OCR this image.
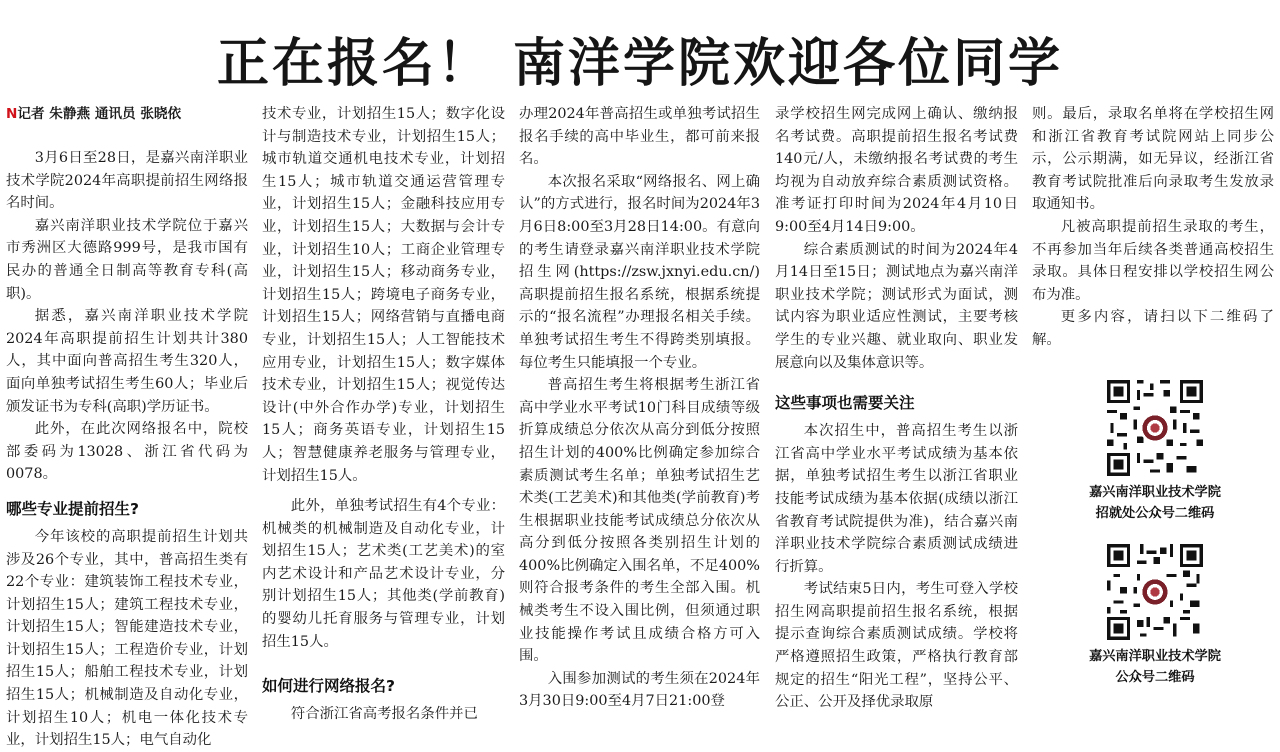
正在报名！ 南洋学院欢迎各位同学
N记者 朱静燕 通讯员 张晓依

3月6日至28日，是嘉兴南洋职业技术学院2024年高职提前招生网络报名时间。

嘉兴南洋职业技术学院位于嘉兴市秀洲区大德路999号，是我市国有民办的普通全日制高等教育专科(高职)。

据悉，嘉兴南洋职业技术学院2024年高职提前招生计划共计380人，其中面向普高招生考生320人，面向单独考试招生考生60人；毕业后颁发证书为专科(高职)学历证书。

此外，在此次网络报名中，院校部委码为13028、浙江省代码为0078。

哪些专业提前招生?

今年该校的高职提前招生计划共涉及26个专业，其中，普高招生类有22个专业：建筑装饰工程技术专业，计划招生15人；建筑工程技术专业，计划招生15人；智能建造技术专业，计划招生15人；工程造价专业，计划招生15人；船舶工程技术专业，计划招生15人；机械制造及自动化专业，计划招生10人；机电一体化技术专业，计划招生15人；电气自动化

技术专业，计划招生15人；数字化设计与制造技术专业，计划招生15人；城市轨道交通机电技术专业，计划招生15人；城市轨道交通运营管理专业，计划招生15人；金融科技应用专业，计划招生15人；大数据与会计专业，计划招生10人；工商企业管理专业，计划招生15人；移动商务专业，计划招生15人；跨境电子商务专业，计划招生15人；网络营销与直播电商专业，计划招生15人；人工智能技术应用专业，计划招生15人；数字媒体技术专业，计划招生15人；视觉传达设计(中外合作办学)专业，计划招生15人；商务英语专业，计划招生15人；智慧健康养老服务与管理专业，计划招生15人。

此外，单独考试招生有4个专业：机械类的机械制造及自动化专业，计划招生15人；艺术类(工艺美术)的室内艺术设计和产品艺术设计专业，分别计划招生15人；其他类(学前教育)的婴幼儿托育服务与管理专业，计划招生15人。

如何进行网络报名?

符合浙江省高考报名条件并已

办理2024年普高招生或单独考试招生报名手续的高中毕业生，都可前来报名。

本次报名采取“网络报名、网上确认”的方式进行，报名时间为2024年3月6日8:00至3月28日14:00。有意向的考生请登录嘉兴南洋职业技术学院招生网(https://zsw.jxnyi.edu.cn/)高职提前招生报名系统，根据系统提示的“报名流程”办理报名相关手续。单独考试招生考生不得跨类别填报。每位考生只能填报一个专业。

普高招生考生将根据考生浙江省高中学业水平考试10门科目成绩等级折算成绩总分依次从高分到低分按照招生计划的400%比例确定参加综合素质测试考生名单；单独考试招生艺术类(工艺美术)和其他类(学前教育)考生根据职业技能考试成绩总分依次从高分到低分按照各类别招生计划的400%比例确定入围名单，不足400%则符合报考条件的考生全部入围。机械类考生不设入围比例，但须通过职业技能操作考试且成绩合格方可入围。

入围参加测试的考生须在2024年3月30日9:00至4月7日21:00登

录学校招生网完成网上确认、缴纳报名考试费。高职提前招生报名考试费140元/人，未缴纳报名考试费的考生均视为自动放弃综合素质测试资格。准考证打印时间为2024年4月10日9:00至4月14日9:00。

综合素质测试的时间为2024年4月14日至15日；测试地点为嘉兴南洋职业技术学院；测试形式为面试，测试内容为职业适应性测试，主要考核学生的专业兴趣、就业取向、职业发展意向以及集体意识等。

这些事项也需要关注

本次招生中，普高招生考生以浙江省高中学业水平考试成绩为基本依据，单独考试招生考生以浙江省职业技能考试成绩为基本依据(成绩以浙江省教育考试院提供为准)，结合嘉兴南洋职业技术学院综合素质测试成绩进行折算。

考试结束5日内，考生可登入学校招生网高职提前招生报名系统，根据提示查询综合素质测试成绩。学校将严格遵照招生政策，严格执行教育部规定的招生“阳光工程”，坚持公平、公正、公开及择优录取原

则。最后，录取名单将在学校招生网和浙江省教育考试院网站上同步公示，公示期满，如无异议，经浙江省教育考试院批准后向录取考生发放录取通知书。

凡被高职提前招生录取的考生，不再参加当年后续各类普通高校招生录取。具体日程安排以学校招生网公布为准。

更多内容，请扫以下二维码了解。

嘉兴南洋职业技术学院
招就处公众号二维码
嘉兴南洋职业技术学院
公众号二维码
